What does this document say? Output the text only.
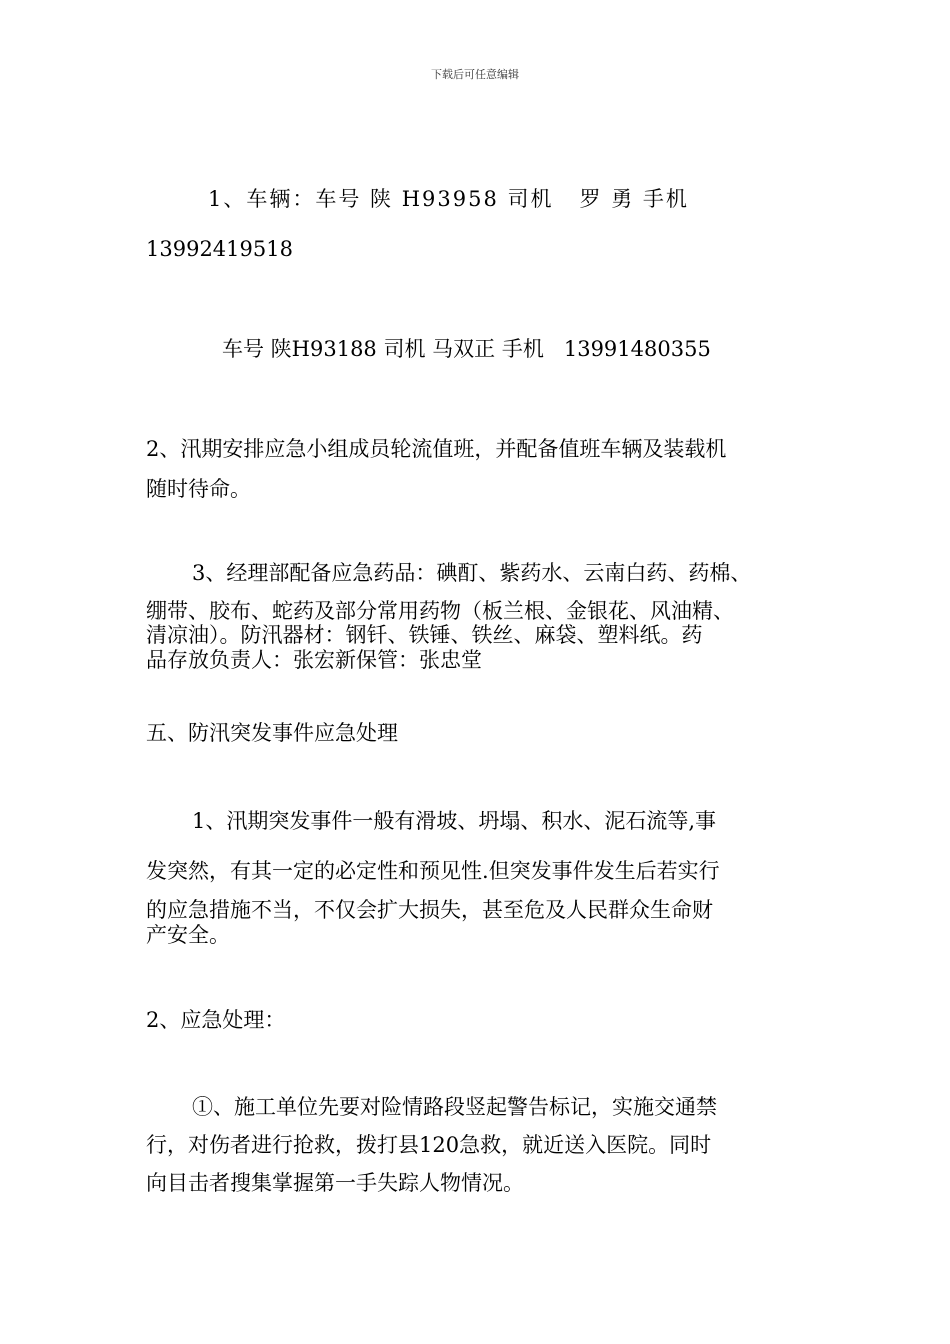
下载后可任意编辑
1、车辆：车号 陕 H93958 司机   罗 勇 手机
13992419518
车号 陕H93188 司机 马双正 手机   13991480355
2、汛期安排应急小组成员轮流值班，并配备值班车辆及装载机
随时待命。
3、经理部配备应急药品：碘酊、紫药水、云南白药、药棉、
绷带、胶布、蛇药及部分常用药物（板兰根、金银花、风油精、
清凉油）。防汛器材：钢钎、铁锤、铁丝、麻袋、塑料纸。药
品存放负责人：张宏新保管：张忠堂
五、防汛突发事件应急处理
1、汛期突发事件一般有滑坡、坍塌、积水、泥石流等,事
发突然，有其一定的必定性和预见性.但突发事件发生后若实行
的应急措施不当，不仅会扩大损失，甚至危及人民群众生命财
产安全。
2、应急处理：
①、施工单位先要对险情路段竖起警告标记，实施交通禁
行，对伤者进行抢救，拨打县120急救，就近送入医院。同时
向目击者搜集掌握第一手失踪人物情况。
